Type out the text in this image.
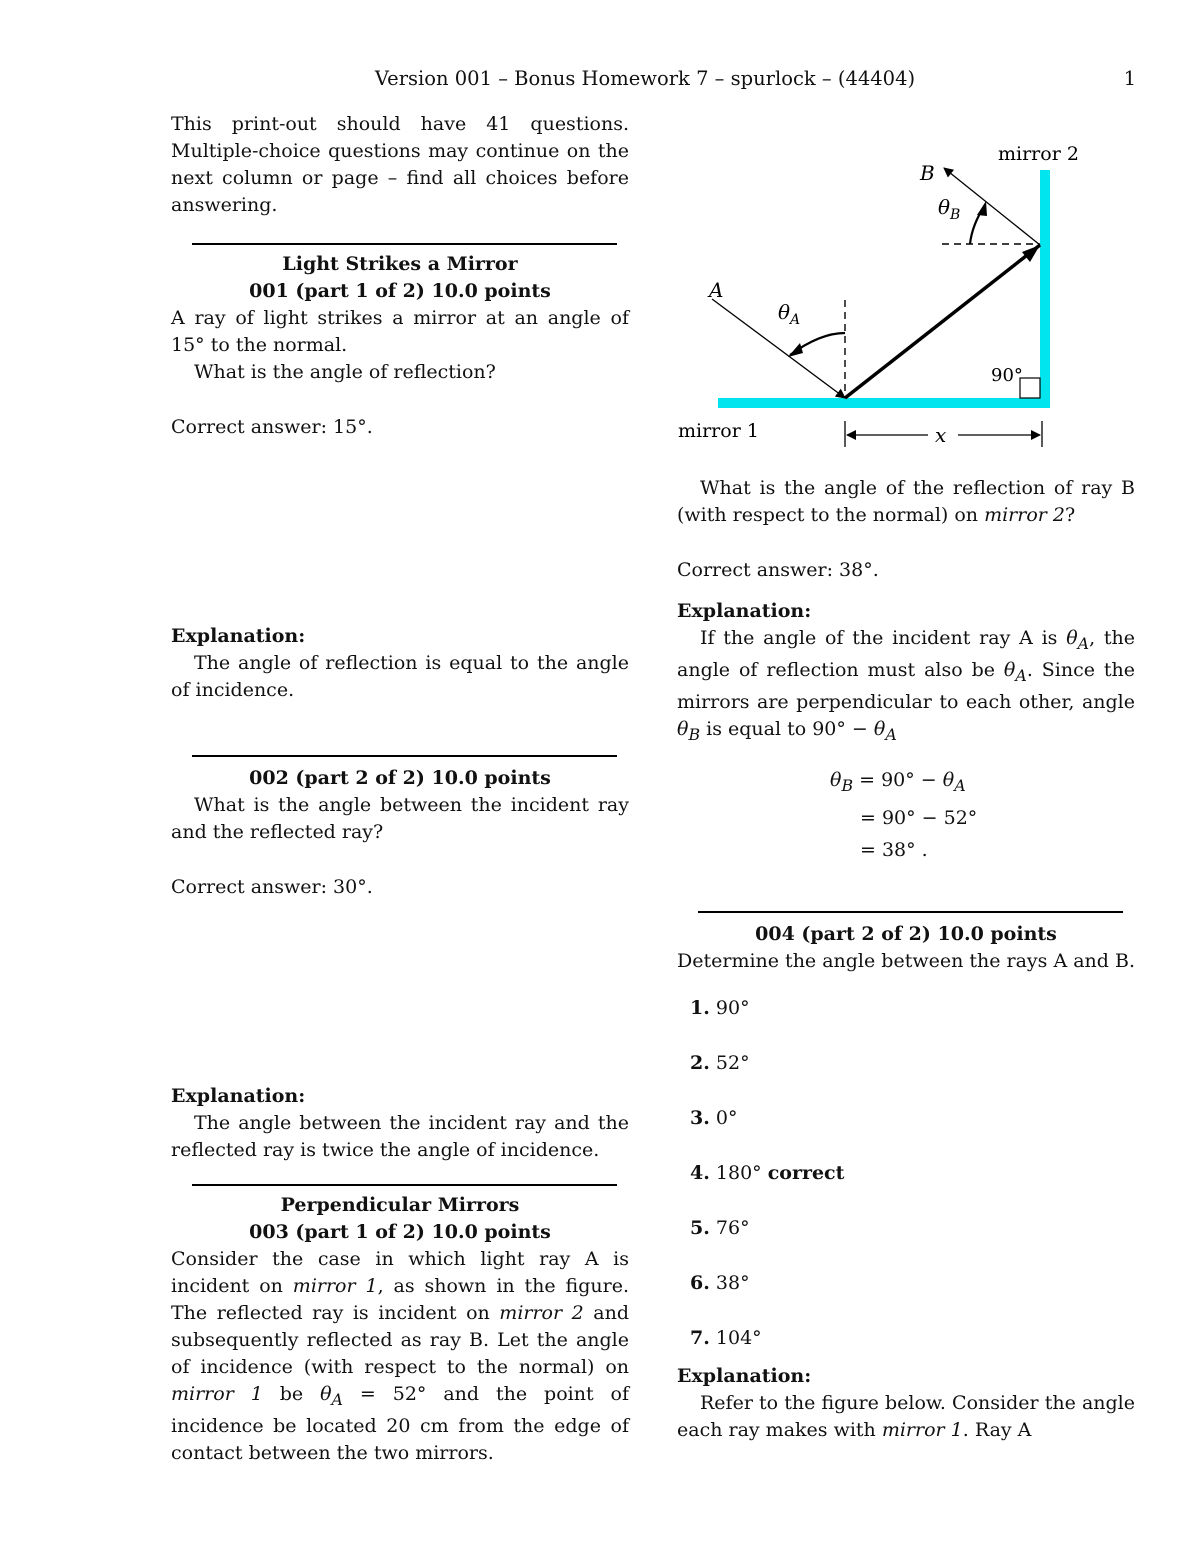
Version 001 – Bonus Homework 7 – spurlock – (44404)	1

This print-out should have 41 questions. Multiple-choice questions may continue on the next column or page – find all choices before answering.

Light Strikes a Mirror

001 (part 1 of 2) 10.0 points

A ray of light strikes a mirror at an angle of 15° to the normal.

What is the angle of reflection?

Correct answer: 15°.

Explanation:

The angle of reflection is equal to the angle of incidence.

002 (part 2 of 2) 10.0 points

What is the angle between the incident ray and the reflected ray?

Correct answer: 30°.

Explanation:

The angle between the incident ray and the reflected ray is twice the angle of incidence.

Perpendicular Mirrors

003 (part 1 of 2) 10.0 points

Consider the case in which light ray A is incident on mirror 1, as shown in the figure. The reflected ray is incident on mirror 2 and subsequently reflected as ray B. Let the angle of incidence (with respect to the normal) on mirror 1 be $\theta_A = 52^\circ$ and the point of incidence be located 20 cm from the edge of contact between the two mirrors.

mirror 2
mirror 1
A
B
$\theta_A$
$\theta_B$
90°
x

What is the angle of the reflection of ray B (with respect to the normal) on mirror 2?

Correct answer: 38°.

Explanation:

If the angle of the incident ray A is $\theta_A$, the angle of reflection must also be $\theta_A$. Since the mirrors are perpendicular to each other, angle $\theta_B$ is equal to $90^\circ - \theta_A$

$\theta_B = 90^\circ - \theta_A$
= 90° − 52°
= 38° .

004 (part 2 of 2) 10.0 points

Determine the angle between the rays A and B.

1. 90°
2. 52°
3. 0°
4. 180° correct
5. 76°
6. 38°
7. 104°

Explanation:

Refer to the figure below. Consider the angle each ray makes with mirror 1. Ray A
